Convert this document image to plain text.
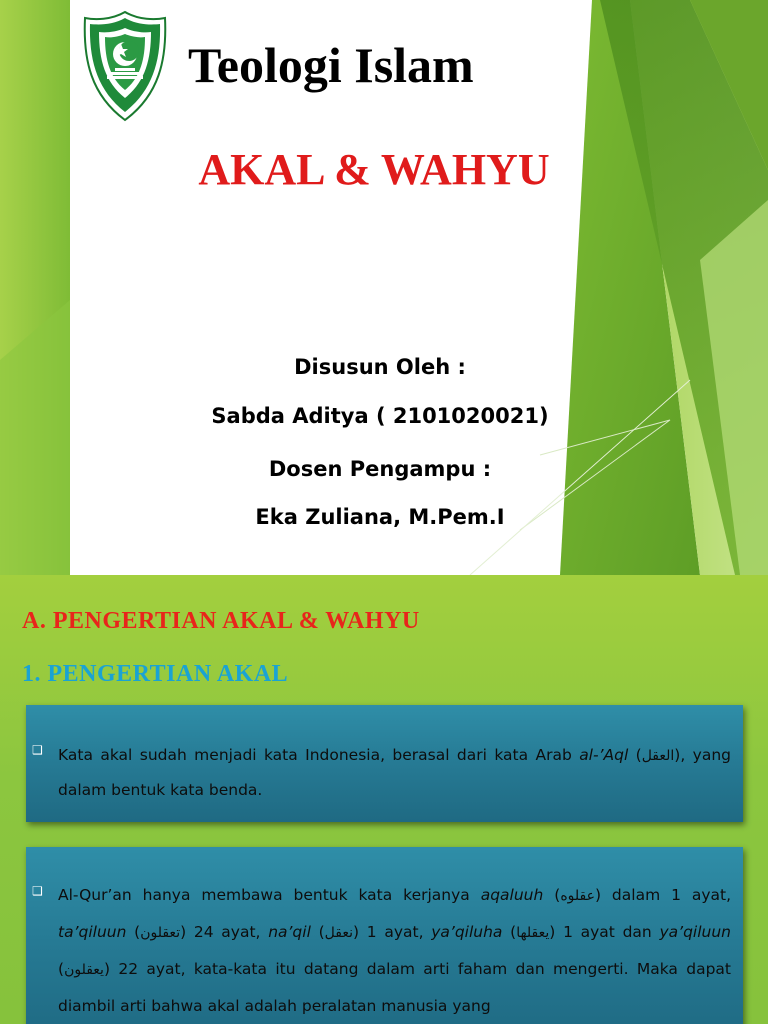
Teologi Islam
AKAL & WAHYU
Disusun Oleh :
Sabda Aditya ( 2101020021)
Dosen Pengampu :
Eka Zuliana, M.Pem.I
A. PENGERTIAN AKAL & WAHYU
1. PENGERTIAN AKAL
❑ Kata akal sudah menjadi kata Indonesia, berasal dari kata Arab al-’Aql (العقل), yang dalam bentuk kata benda.
❑ Al-Qur’an hanya membawa bentuk kata kerjanya aqaluuh (عقلوه) dalam 1 ayat, ta’qiluun (تعقلون) 24 ayat, na’qil (نعقل) 1 ayat, ya’qiluha (يعقلها) 1 ayat dan ya’qiluun (يعقلون) 22 ayat, kata-kata itu datang dalam arti faham dan mengerti. Maka dapat diambil arti bahwa akal adalah peralatan manusia yang
